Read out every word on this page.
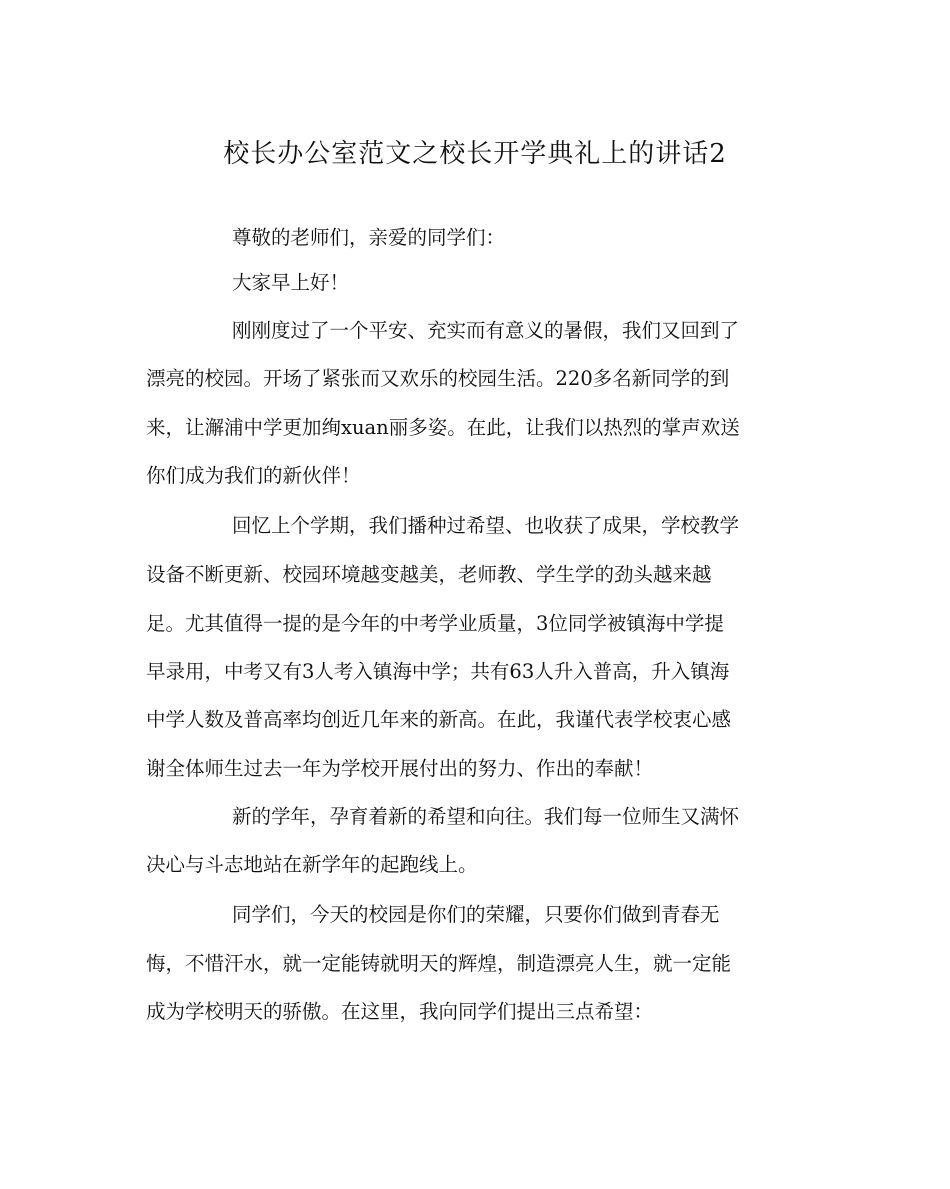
校长办公室范文之校长开学典礼上的讲话2
尊敬的老师们，亲爱的同学们：
大家早上好！
刚刚度过了一个平安、充实而有意义的暑假，我们又回到了
漂亮的校园。开场了紧张而又欢乐的校园生活。220多名新同学的到
来，让澥浦中学更加绚xuan丽多姿。在此，让我们以热烈的掌声欢送
你们成为我们的新伙伴！
回忆上个学期，我们播种过希望、也收获了成果，学校教学
设备不断更新、校园环境越变越美，老师教、学生学的劲头越来越
足。尤其值得一提的是今年的中考学业质量，3位同学被镇海中学提
早录用，中考又有3人考入镇海中学；共有63人升入普高，升入镇海
中学人数及普高率均创近几年来的新高。在此，我谨代表学校衷心感
谢全体师生过去一年为学校开展付出的努力、作出的奉献！
新的学年，孕育着新的希望和向往。我们每一位师生又满怀
决心与斗志地站在新学年的起跑线上。
同学们，今天的校园是你们的荣耀，只要你们做到青春无
悔，不惜汗水，就一定能铸就明天的辉煌，制造漂亮人生，就一定能
成为学校明天的骄傲。在这里，我向同学们提出三点希望：
